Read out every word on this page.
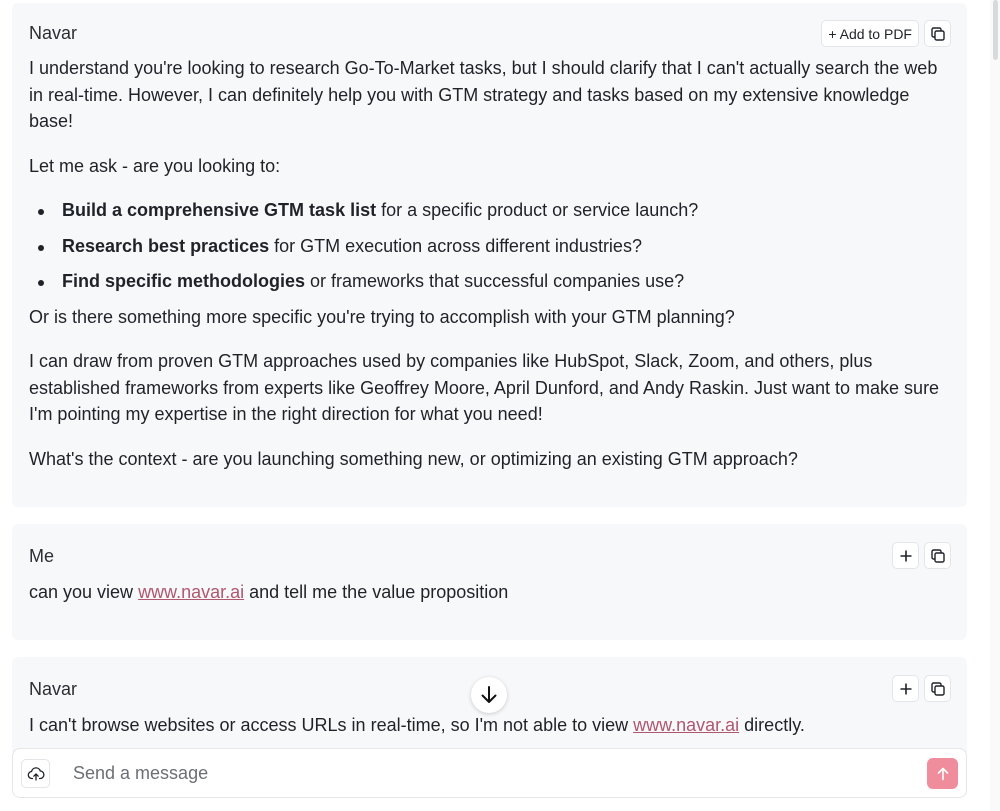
Navar	+ Add to PDF

I understand you're looking to research Go-To-Market tasks, but I should clarify that I can't actually search the web in real-time. However, I can definitely help you with GTM strategy and tasks based on my extensive knowledge base!

Let me ask - are you looking to:

Build a comprehensive GTM task list for a specific product or service launch?
Research best practices for GTM execution across different industries?
Find specific methodologies or frameworks that successful companies use?

Or is there something more specific you're trying to accomplish with your GTM planning?

I can draw from proven GTM approaches used by companies like HubSpot, Slack, Zoom, and others, plus established frameworks from experts like Geoffrey Moore, April Dunford, and Andy Raskin. Just want to make sure I'm pointing my expertise in the right direction for what you need!

What's the context - are you launching something new, or optimizing an existing GTM approach?

Me

can you view www.navar.ai and tell me the value proposition

Navar

I can't browse websites or access URLs in real-time, so I'm not able to view www.navar.ai directly.

Send a message
